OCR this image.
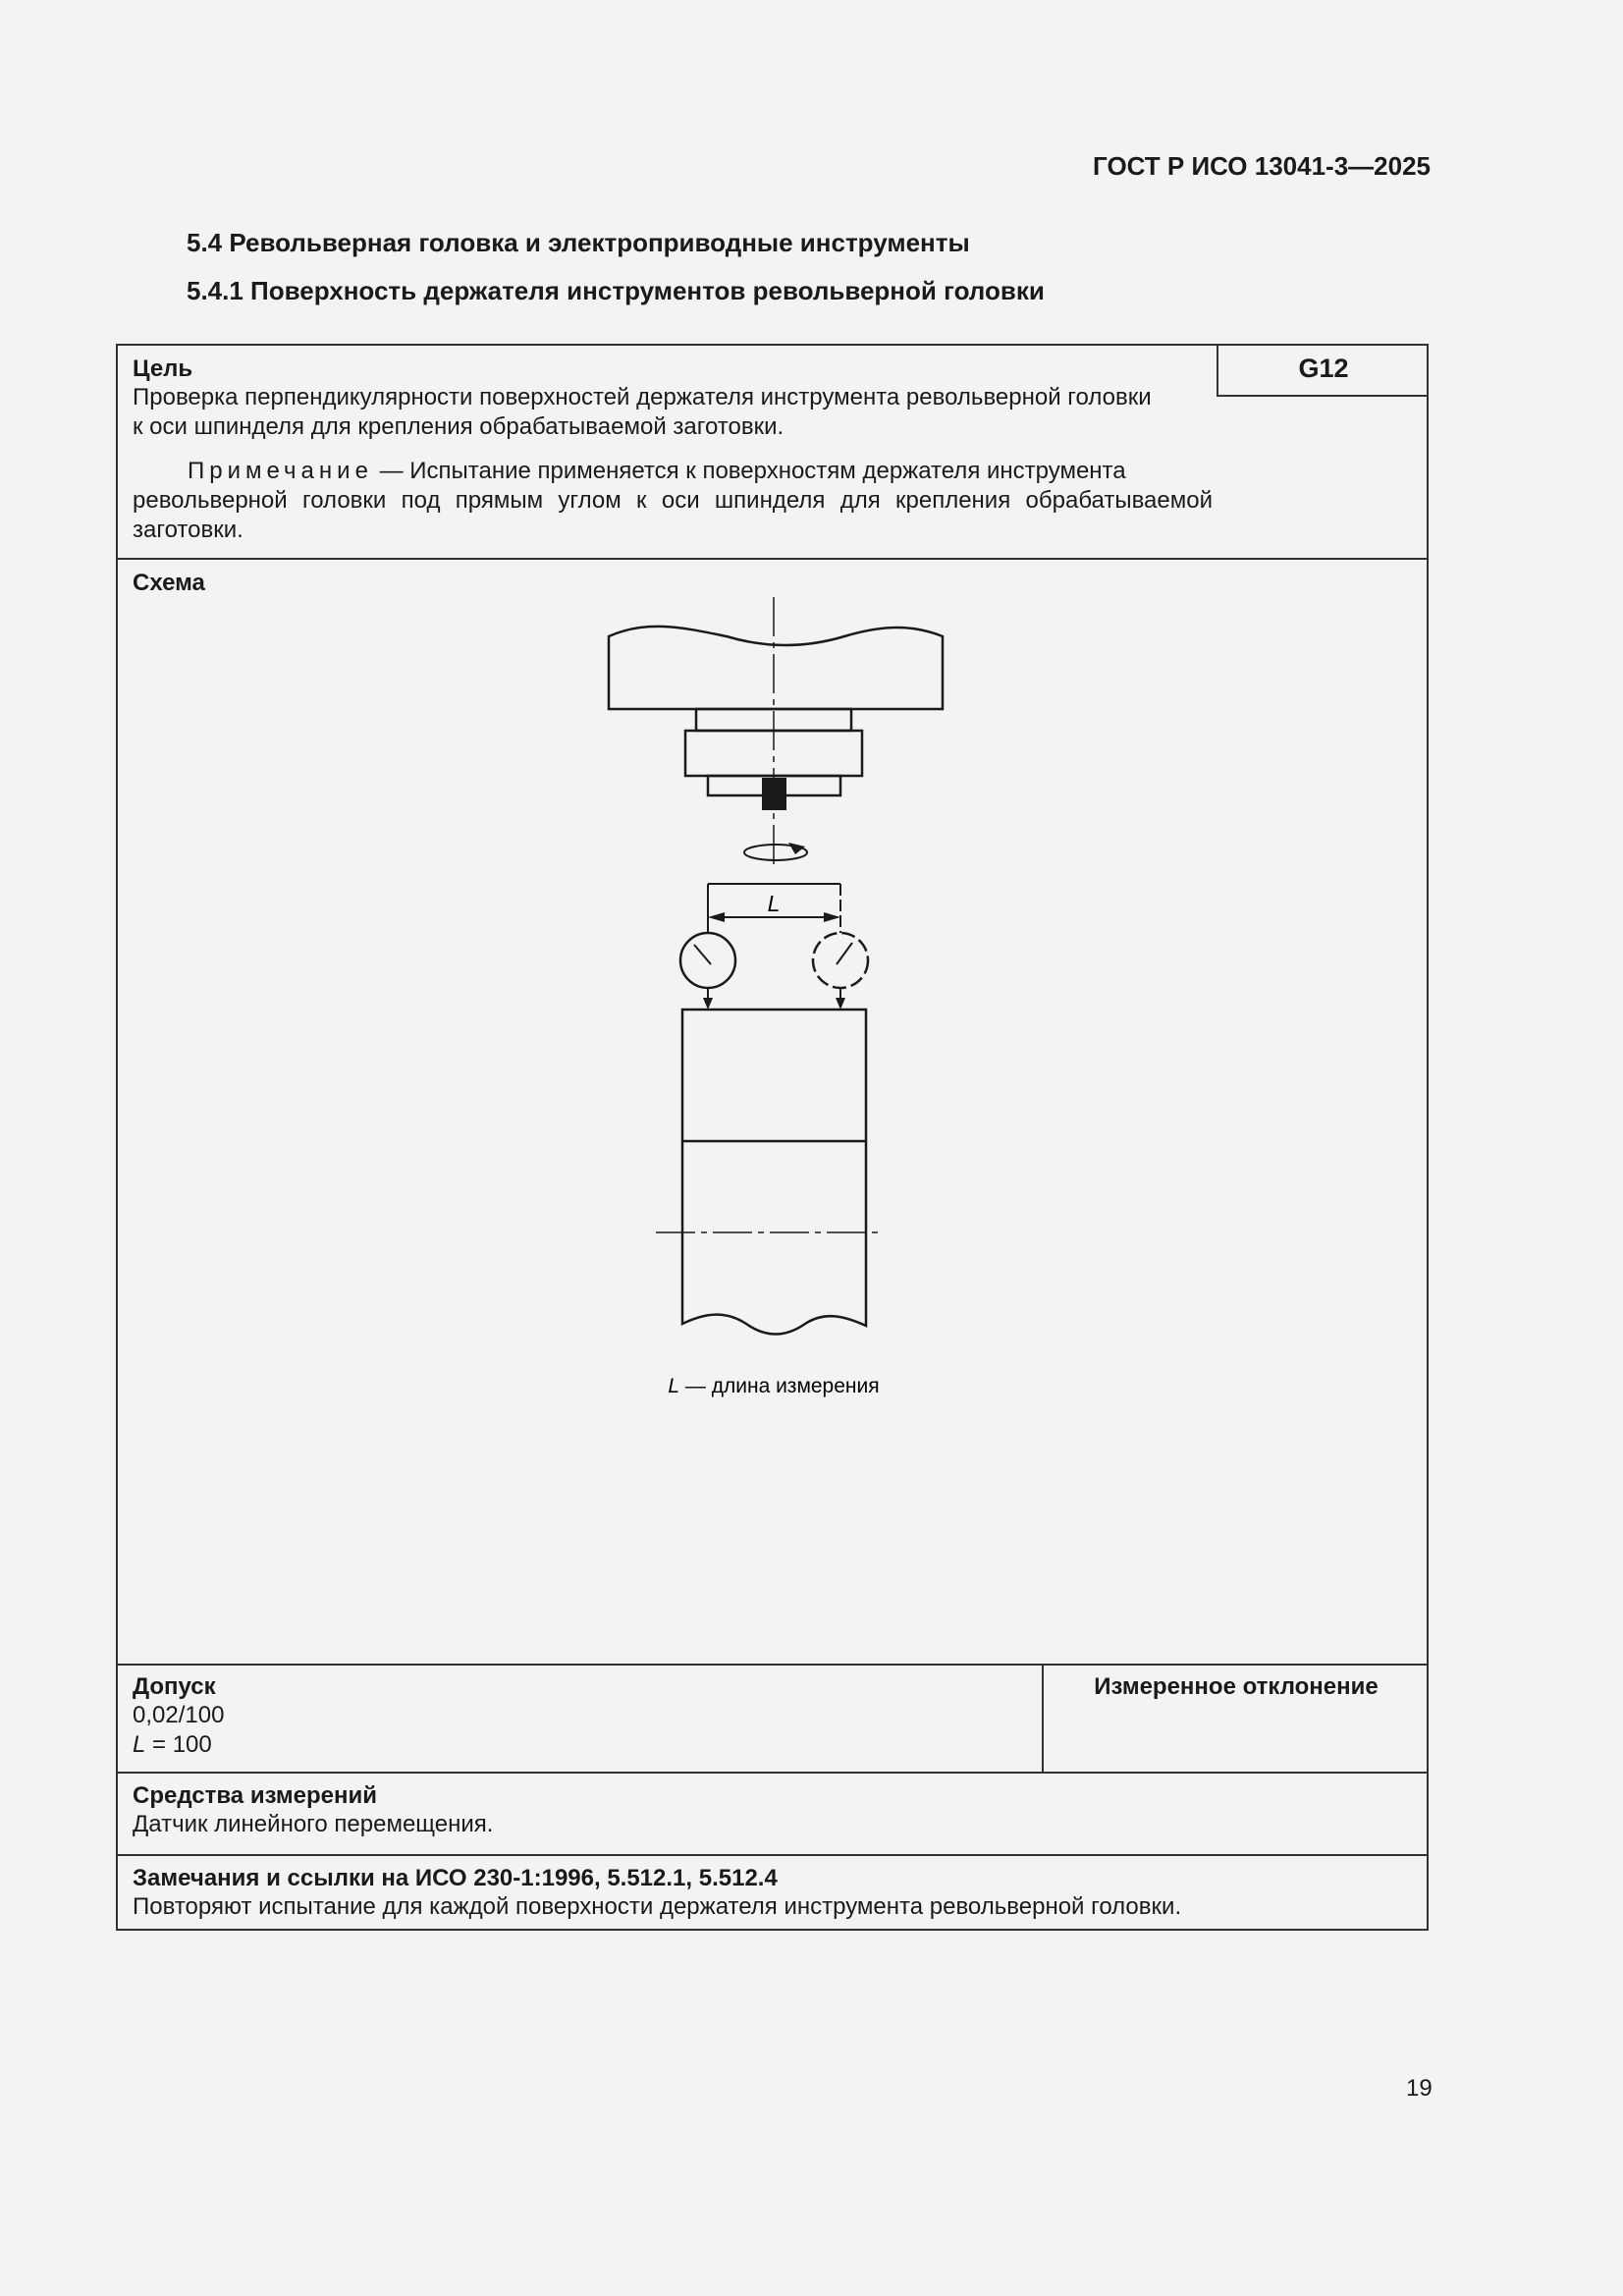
ГОСТ Р ИСО 13041-3—2025
5.4 Револьверная головка и электроприводные инструменты
5.4.1 Поверхность держателя инструментов револьверной головки
Цель
Проверка перпендикулярности поверхностей держателя инструмента револьверной головки
к оси шпинделя для крепления обрабатываемой заготовки.
Примечание — Испытание применяется к поверхностям держателя инструмента
револьверной головки под прямым углом к оси шпинделя для крепления обрабатываемой
заготовки.
G12
Схема
L
L — длина измерения
Допуск
0,02/100
L = 100
Измеренное отклонение
Средства измерений
Датчик линейного перемещения.
Замечания и ссылки на ИСО 230-1:1996, 5.512.1, 5.512.4
Повторяют испытание для каждой поверхности держателя инструмента револьверной головки.
19
